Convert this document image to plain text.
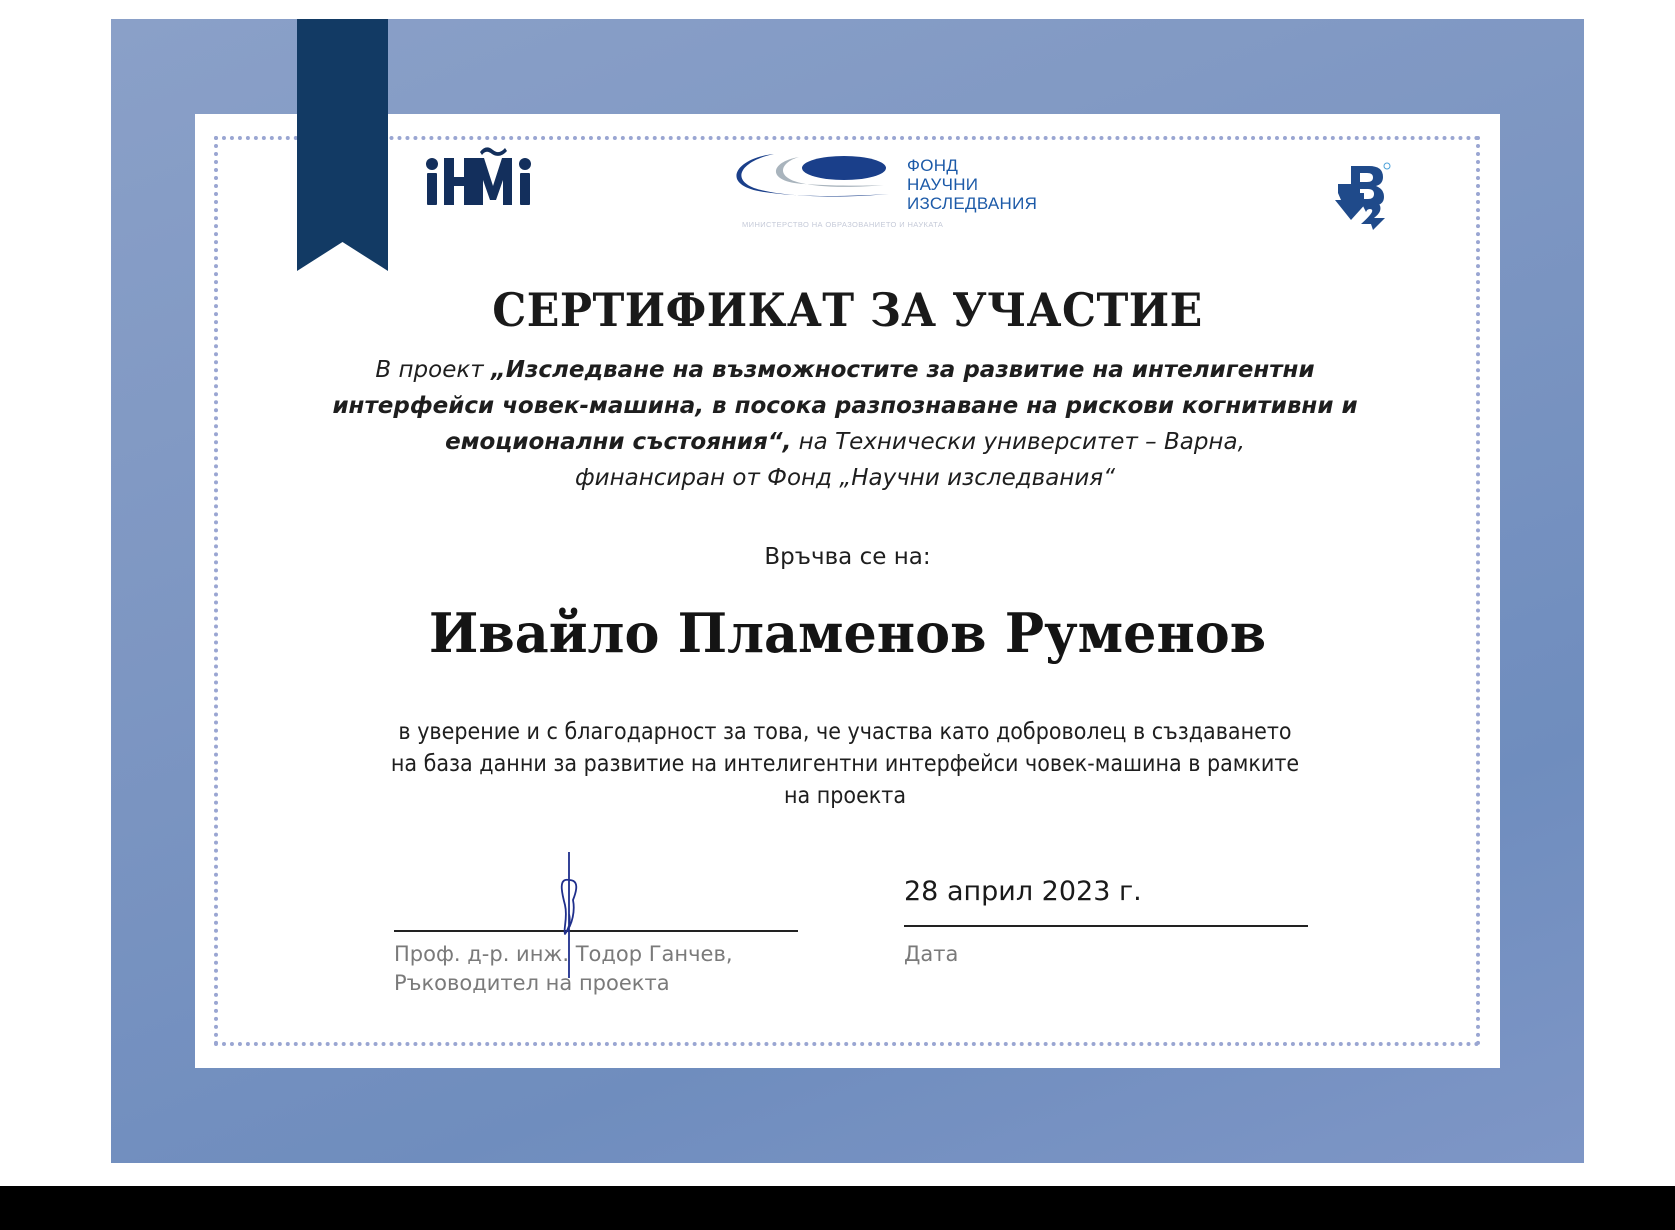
ФОНД
НАУЧНИ
ИЗСЛЕДВАНИЯ
МИНИСТЕРСТВО НА ОБРАЗОВАНИЕТО И НАУКАТА
СЕРТИФИКАТ ЗА УЧАСТИЕ
В проект „Изследване на възможностите за развитие на интелигентни интерфейси човек-машина, в посока разпознаване на рискови когнитивни и емоционални състояния“, на Технически университет – Варна,
финансиран от Фонд „Научни изследвания“
Връчва се на:
Ивайло Пламенов Руменов
в уверение и с благодарност за това, че участва като доброволец в създаването
на база данни за развитие на интелигентни интерфейси човек-машина в рамките
на проекта
Проф. д-р. инж. Тодор Ганчев,
Ръководител на проекта
28 април 2023 г.
Дата
